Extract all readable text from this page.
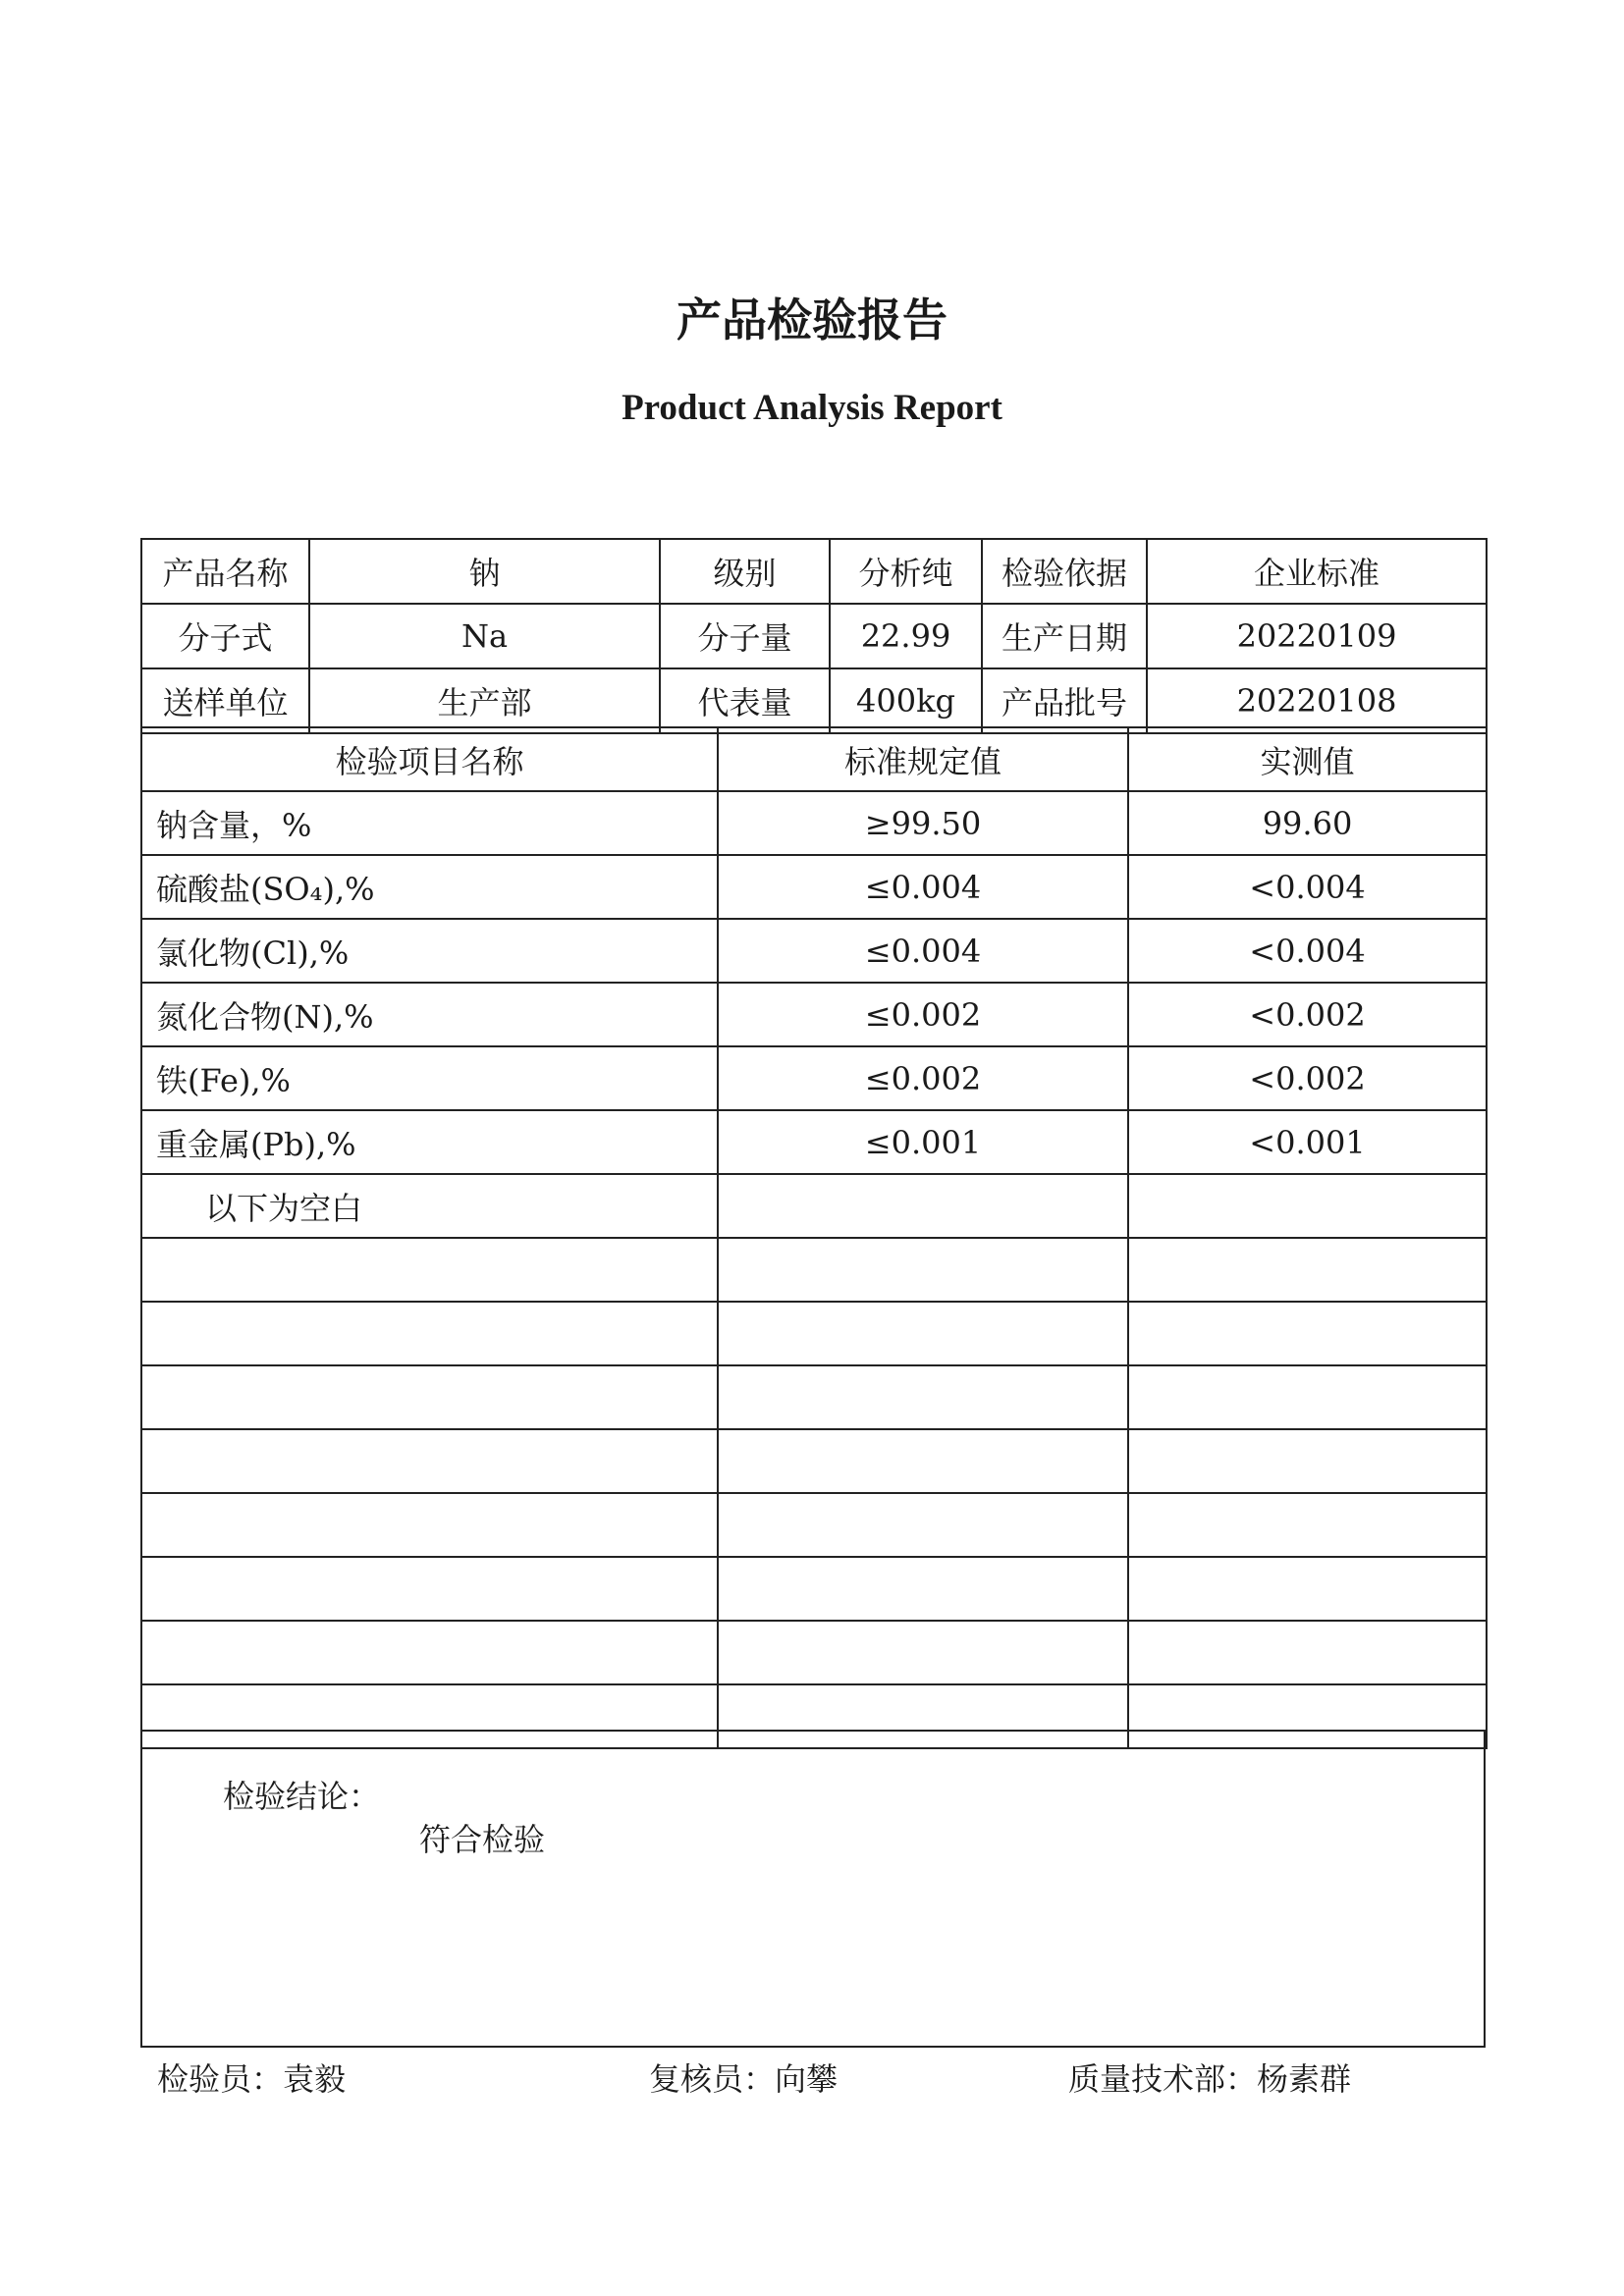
产品检验报告
Product Analysis Report
产品名称	钠	级别	分析纯	检验依据	企业标准
分子式	Na	分子量	22.99	生产日期	20220109
送样单位	生产部	代表量	400kg	产品批号	20220108
检验项目名称	标准规定值	实测值
钠含量，%	≥99.50	99.60
硫酸盐(SO₄),%	≤0.004	<0.004
氯化物(Cl),%	≤0.004	<0.004
氮化合物(N),%	≤0.002	<0.002
铁(Fe),%	≤0.002	<0.002
重金属(Pb),%	≤0.001	<0.001
以下为空白		

检验结论：
符合检验
检验员：袁毅	复核员：向攀	质量技术部：杨素群
